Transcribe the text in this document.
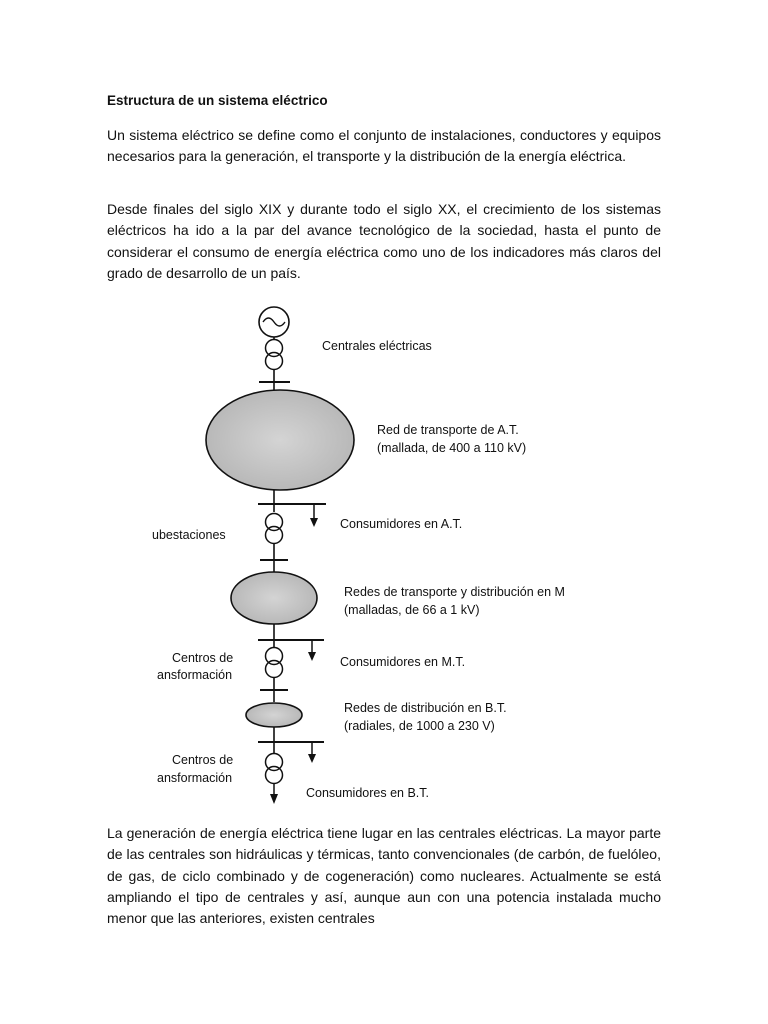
Estructura de un sistema eléctrico

Un sistema eléctrico se define como el conjunto de instalaciones, conductores y equipos necesarios para la generación, el transporte y la distribución de la energía eléctrica.

Desde finales del siglo XIX y durante todo el siglo XX, el crecimiento de los sistemas eléctricos ha ido a la par del avance tecnológico de la sociedad, hasta el punto de considerar el consumo de energía eléctrica como uno de los indicadores más claros del grado de desarrollo de un país.

Centrales eléctricas
Red de transporte de A.T.
(mallada, de 400 a 110 kV)
ubestaciones
Consumidores en A.T.
Redes de transporte y distribución en M
(malladas, de 66 a 1 kV)
Centros de
ansformación
Consumidores en M.T.
Redes de distribución en B.T.
(radiales, de 1000 a 230 V)
Centros de
ansformación
Consumidores en B.T.

La generación de energía eléctrica tiene lugar en las centrales eléctricas. La mayor parte de las centrales son hidráulicas y térmicas, tanto convencionales (de carbón, de fuelóleo, de gas, de ciclo combinado y de cogeneración) como nucleares. Actualmente se está ampliando el tipo de centrales y así, aunque aun con una potencia instalada mucho menor que las anteriores, existen centrales
